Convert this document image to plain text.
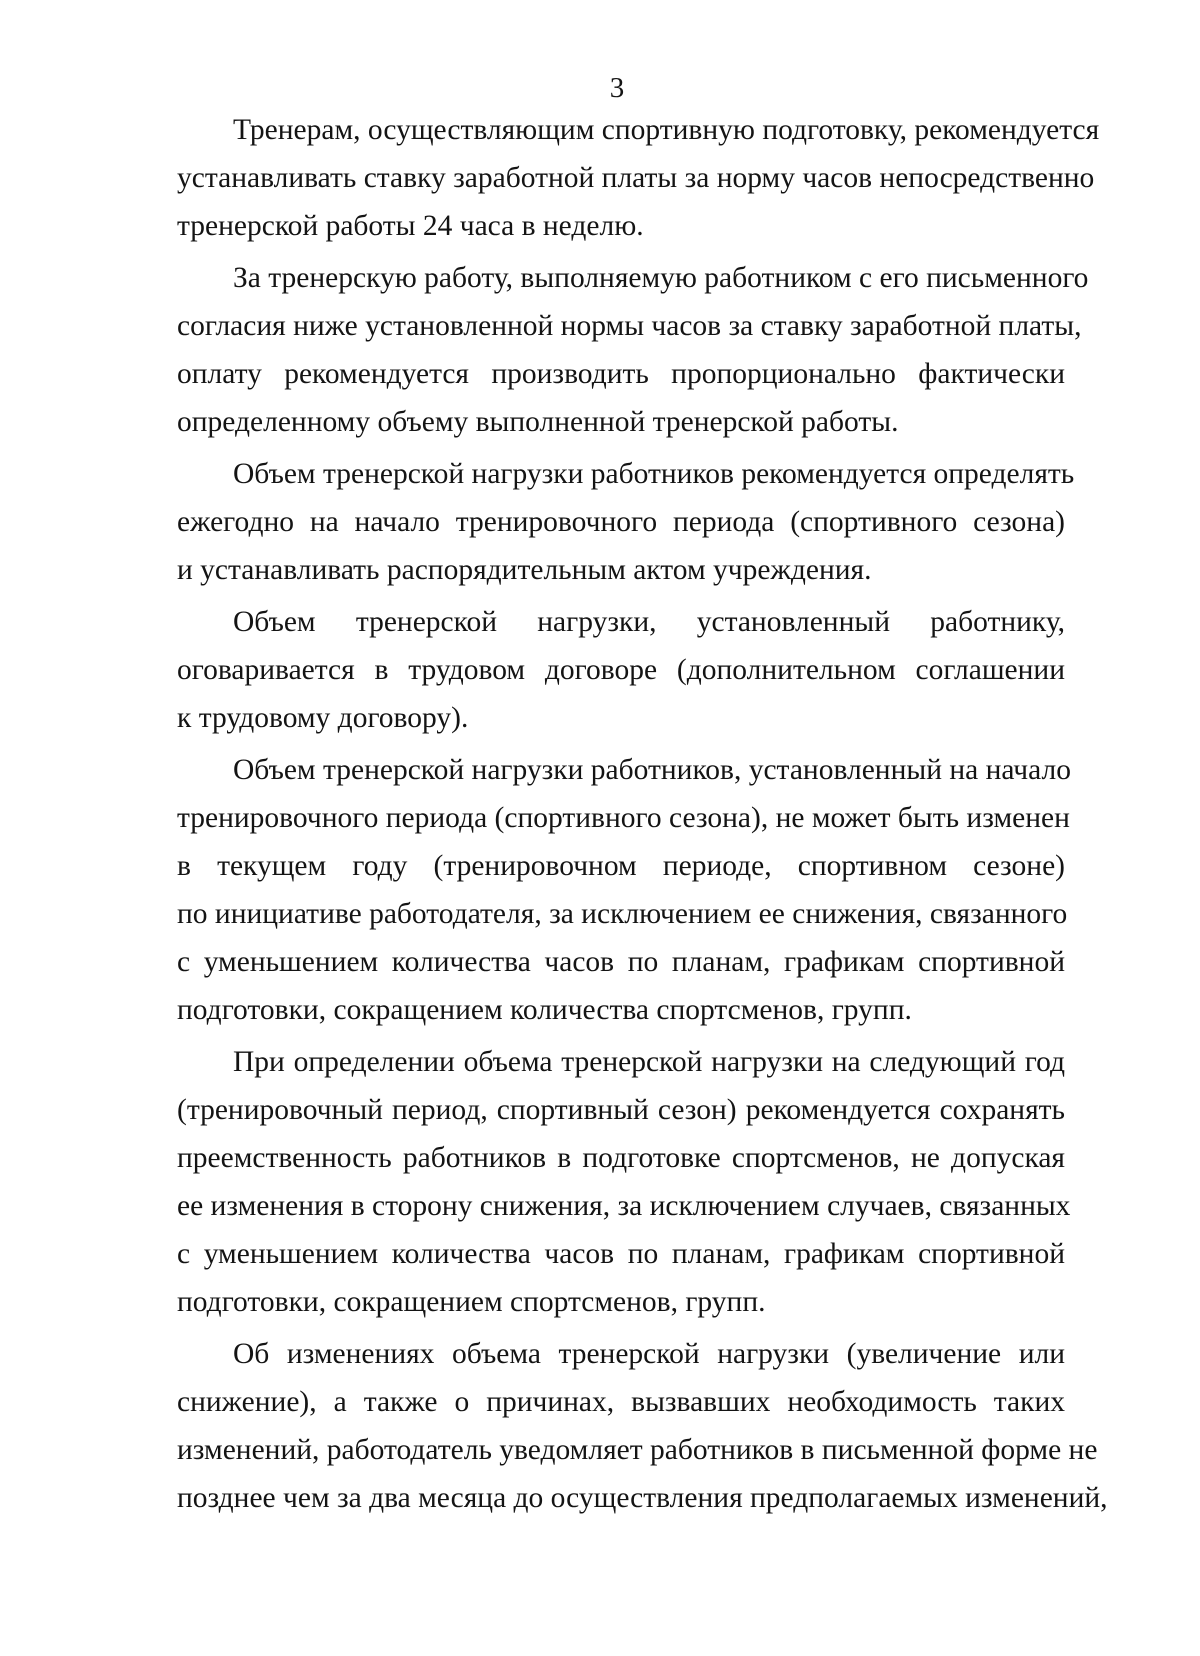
3
Тренерам, осуществляющим спортивную подготовку, рекомендуется
устанавливать ставку заработной платы за норму часов непосредственно
тренерской работы 24 часа в неделю.
За тренерскую работу, выполняемую работником с его письменного
согласия ниже установленной нормы часов за ставку заработной платы,
оплату рекомендуется производить пропорционально фактически
определенному объему выполненной тренерской работы.
Объем тренерской нагрузки работников рекомендуется определять
ежегодно на начало тренировочного периода (спортивного сезона)
и устанавливать распорядительным актом учреждения.
Объем тренерской нагрузки, установленный работнику,
оговаривается в трудовом договоре (дополнительном соглашении
к трудовому договору).
Объем тренерской нагрузки работников, установленный на начало
тренировочного периода (спортивного сезона), не может быть изменен
в текущем году (тренировочном периоде, спортивном сезоне)
по инициативе работодателя, за исключением ее снижения, связанного
с уменьшением количества часов по планам, графикам спортивной
подготовки, сокращением количества спортсменов, групп.
При определении объема тренерской нагрузки на следующий год
(тренировочный период, спортивный сезон) рекомендуется сохранять
преемственность работников в подготовке спортсменов, не допуская
ее изменения в сторону снижения, за исключением случаев, связанных
с уменьшением количества часов по планам, графикам спортивной
подготовки, сокращением спортсменов, групп.
Об изменениях объема тренерской нагрузки (увеличение или
снижение), а также о причинах, вызвавших необходимость таких
изменений, работодатель уведомляет работников в письменной форме не
позднее чем за два месяца до осуществления предполагаемых изменений,
